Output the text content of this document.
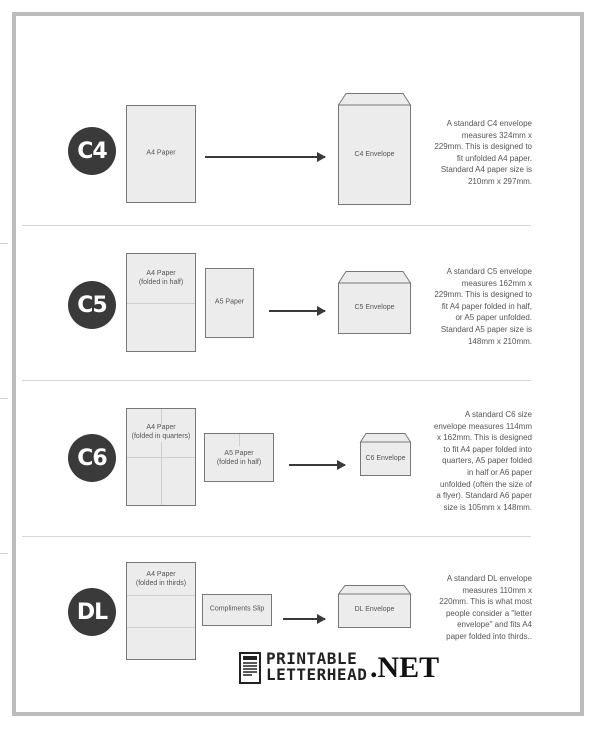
C4	A4 Paper	C4 Envelope
A standard C4 envelope
measures 324mm x
229mm. This is designed to
fit unfolded A4 paper.
Standard A4 paper size is
210mm x 297mm.
C5
A4 Paper
(folded in half)
A5 Paper
C5 Envelope
A standard C5 envelope
measures 162mm x
229mm. This is designed to
fit A4 paper folded in half,
or A5 paper unfolded.
Standard A5 paper size is
148mm x 210mm.
C6
A4 Paper
(folded in quarters)
A5 Paper
(folded in half)
C6 Envelope
A standard C6 size
envelope measures 114mm
x 162mm. This is designed
to fit A4 paper folded into
quarters, A5 paper folded
in half or A6 paper
unfolded (often the size of
a flyer). Standard A6 paper
size is 105mm x 148mm.
DL
A4 Paper
(folded in thirds)
Compliments Slip	DL Envelope
A standard DL envelope
measures 110mm x
220mm. This is what most
people consider a "letter
envelope" and fits A4
paper folded into thirds..
PRINTABLE
LETTERHEAD .NET
